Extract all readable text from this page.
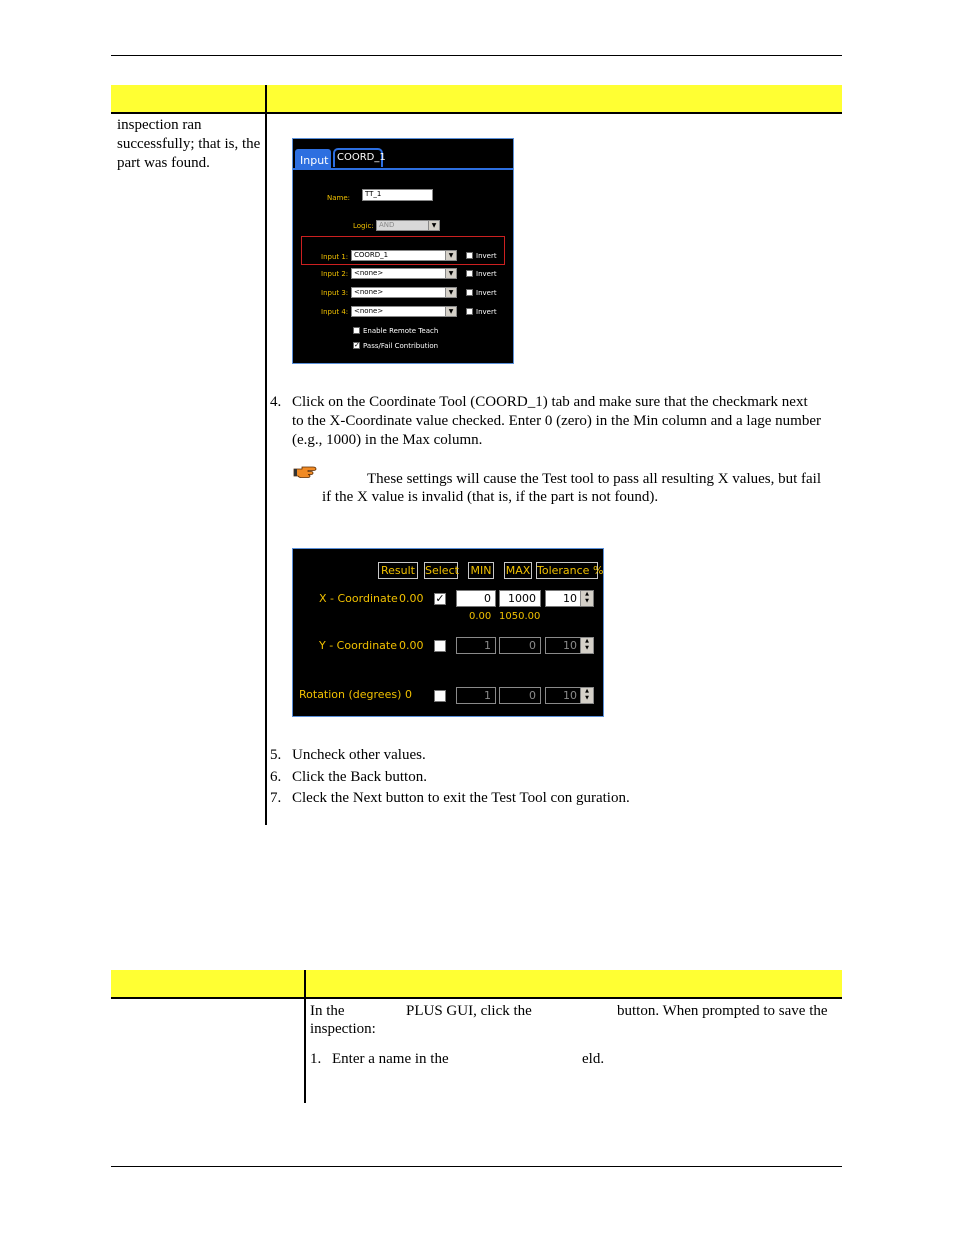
inspection ran
successfully; that is, the
part was found.	Input COORD_1
Name:	TT_1
Logic: AND	▼
Input 1: COORD_1	▼	Invert
Input 2: <none>	▼	Invert
Input 3: <none>	▼	Invert
Input 4: <none>	▼	Invert
Enable Remote Teach
✓ Pass/Fail Contribution
4. Click on the Coordinate Tool (COORD_1) tab and make sure that the checkmark next
to the X-Coordinate value checked. Enter 0 (zero) in the Min column and a lage number
(e.g., 1000) in the Max column.
These settings will cause the Test tool to pass all resulting X values, but fail
if the X value is invalid (that is, if the part is not found).
Result Select MIN MAX Tolerance %
X - Coordinate 0.00 ✓	0	1000	10	▲
▼
0.00 1050.00
Y - Coordinate 0.00	1	0	10	▲
▼
Rotation (degrees) 0	1	0	10	▲
▼
5. Uncheck other values.
6. Click the Back button.
7. Cleck the Next button to exit the Test Tool con guration.
In the	PLUS GUI, click the	button. When prompted to save the
inspection:
1. Enter a name in the	eld.
